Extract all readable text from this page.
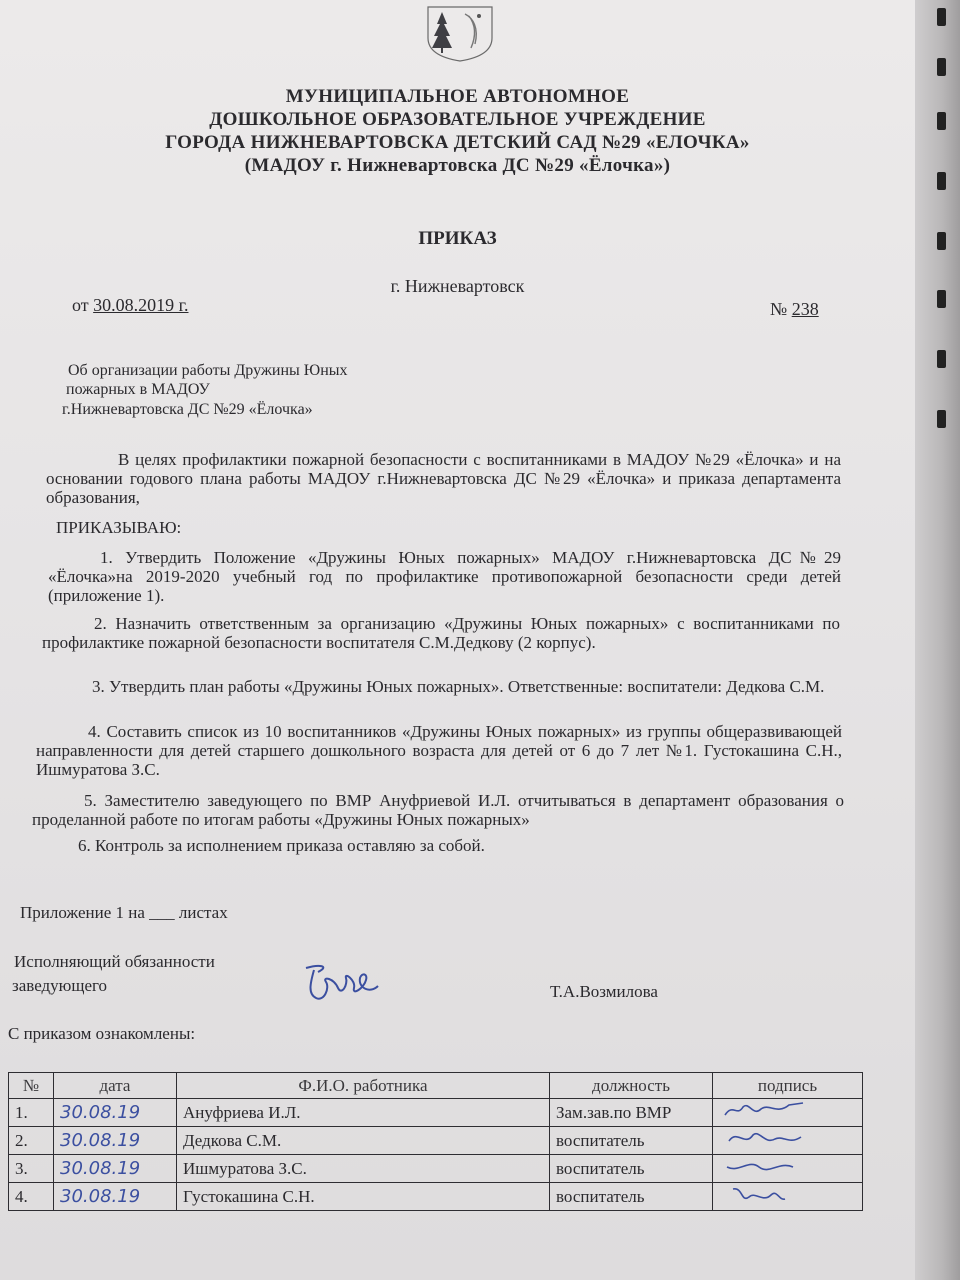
МУНИЦИПАЛЬНОЕ АВТОНОМНОЕ
ДОШКОЛЬНОЕ ОБРАЗОВАТЕЛЬНОЕ УЧРЕЖДЕНИЕ
ГОРОДА НИЖНЕВАРТОВСКА ДЕТСКИЙ САД №29 «ЕЛОЧКА»
(МАДОУ г. Нижневартовска ДС №29 «Ёлочка»)
ПРИКАЗ
г. Нижневартовск
от 30.08.2019 г.	№ 238
Об организации работы Дружины Юных
пожарных в МАДОУ
г.Нижневартовска ДС №29 «Ёлочка»
В целях профилактики пожарной безопасности с воспитанниками в МАДОУ №29 «Ёлочка» и на основании годового плана работы МАДОУ г.Нижневартовска ДС №29 «Ёлочка» и приказа департамента образования,
ПРИКАЗЫВАЮ:
1. Утвердить Положение «Дружины Юных пожарных» МАДОУ г.Нижневартовска ДС№29 «Ёлочка»на 2019-2020 учебный год по профилактике противопожарной безопасности среди детей (приложение 1).
2. Назначить ответственным за организацию «Дружины Юных пожарных» с воспитанниками по профилактике пожарной безопасности воспитателя С.М.Дедкову (2 корпус).
3. Утвердить план работы «Дружины Юных пожарных». Ответственные: воспитатели: Дедкова С.М.
4. Составить список из 10 воспитанников «Дружины Юных пожарных» из группы общеразвивающей направленности для детей старшего дошкольного возраста для детей от 6 до 7 лет №1. Густокашина С.Н., Ишмуратова З.С.
5. Заместителю заведующего по ВМР Ануфриевой И.Л. отчитываться в департамент образования о проделанной работе по итогам работы «Дружины Юных пожарных»
6. Контроль за исполнением приказа оставляю за собой.
Приложение 1 на ___ листах
Исполняющий обязанности
заведующего	Т.А.Возмилова
С приказом ознакомлены:
№	дата	Ф.И.О. работника	должность	подпись
1.	30.08.19	Ануфриева И.Л.	Зам.зав.по ВМР	
2.	30.08.19	Дедкова С.М.	воспитатель	
3.	30.08.19	Ишмуратова З.С.	воспитатель	
4.	30.08.19	Густокашина С.Н.	воспитатель	
